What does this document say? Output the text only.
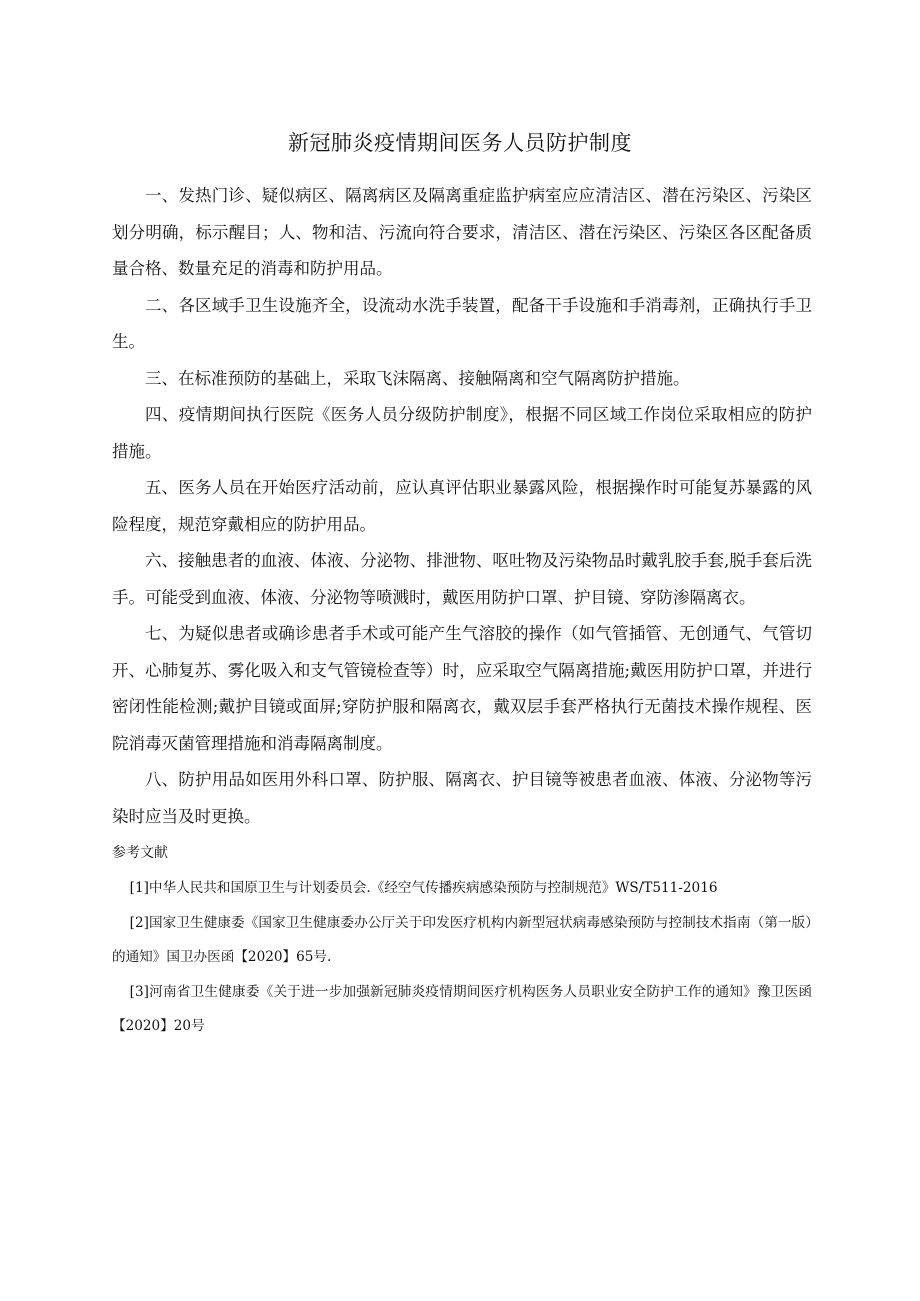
新冠肺炎疫情期间医务人员防护制度

一、发热门诊、疑似病区、隔离病区及隔离重症监护病室应应清洁区、潜在污染区、污染区划分明确，标示醒目；人、物和洁、污流向符合要求，清洁区、潜在污染区、污染区各区配备质量合格、数量充足的消毒和防护用品。

二、各区域手卫生设施齐全，设流动水洗手装置，配备干手设施和手消毒剂，正确执行手卫生。

三、在标准预防的基础上，采取飞沫隔离、接触隔离和空气隔离防护措施。

四、疫情期间执行医院《医务人员分级防护制度》，根据不同区域工作岗位采取相应的防护措施。

五、医务人员在开始医疗活动前，应认真评估职业暴露风险，根据操作时可能复苏暴露的风险程度，规范穿戴相应的防护用品。

六、接触患者的血液、体液、分泌物、排泄物、呕吐物及污染物品时戴乳胶手套,脱手套后洗手。可能受到血液、体液、分泌物等喷溅时，戴医用防护口罩、护目镜、穿防渗隔离衣。

七、为疑似患者或确诊患者手术或可能产生气溶胶的操作（如气管插管、无创通气、气管切开、心肺复苏、雾化吸入和支气管镜检查等）时，应采取空气隔离措施;戴医用防护口罩，并进行密闭性能检测;戴护目镜或面屏;穿防护服和隔离衣，戴双层手套严格执行无菌技术操作规程、医院消毒灭菌管理措施和消毒隔离制度。

八、防护用品如医用外科口罩、防护服、隔离衣、护目镜等被患者血液、体液、分泌物等污染时应当及时更换。

参考文献

[1]中华人民共和国原卫生与计划委员会.《经空气传播疾病感染预防与控制规范》WS/T511-2016

[2]国家卫生健康委《国家卫生健康委办公厅关于印发医疗机构内新型冠状病毒感染预防与控制技术指南（第一版）的通知》国卫办医函【2020】65号.

[3]河南省卫生健康委《关于进一步加强新冠肺炎疫情期间医疗机构医务人员职业安全防护工作的通知》豫卫医函【2020】20号
